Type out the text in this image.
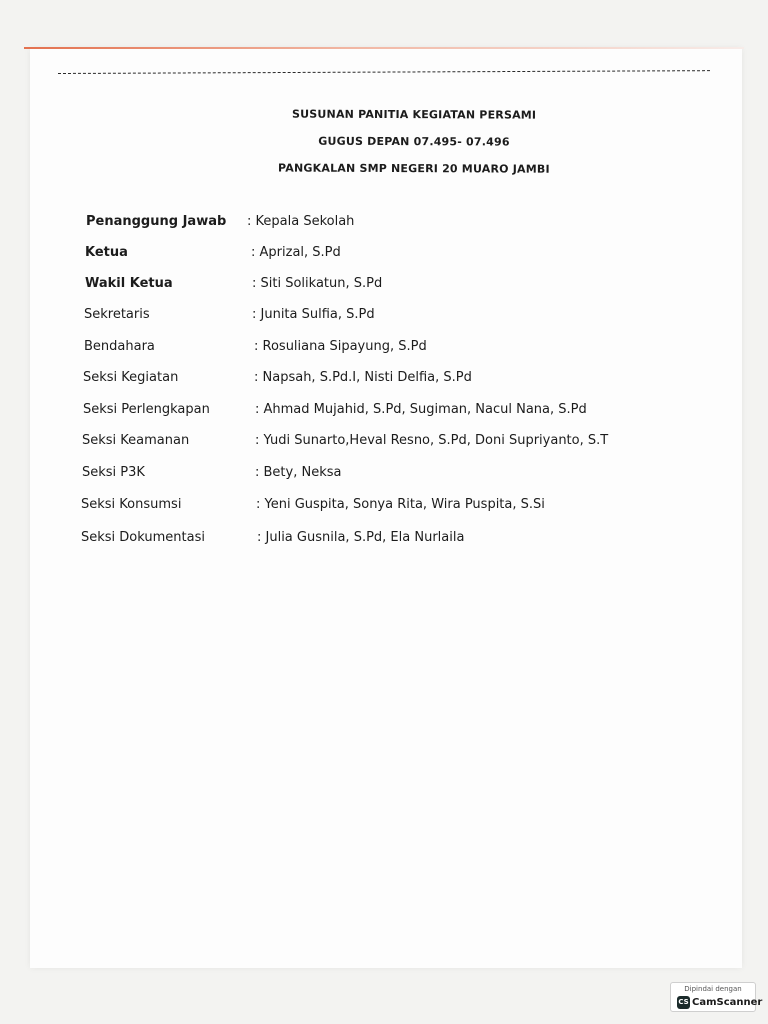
SUSUNAN PANITIA KEGIATAN PERSAMI
GUGUS DEPAN 07.495- 07.496
PANGKALAN SMP NEGERI 20 MUARO JAMBI
Penanggung Jawab : Kepala Sekolah
Ketua	: Aprizal, S.Pd
Wakil Ketua	: Siti Solikatun, S.Pd
Sekretaris	: Junita Sulfia, S.Pd
Bendahara	: Rosuliana Sipayung, S.Pd
Seksi Kegiatan	: Napsah, S.Pd.I, Nisti Delfia, S.Pd
Seksi Perlengkapan	: Ahmad Mujahid, S.Pd, Sugiman, Nacul Nana, S.Pd
Seksi Keamanan	: Yudi Sunarto,Heval Resno, S.Pd, Doni Supriyanto, S.T
Seksi P3K	: Bety, Neksa
Seksi Konsumsi	: Yeni Guspita, Sonya Rita, Wira Puspita, S.Si
Seksi Dokumentasi	: Julia Gusnila, S.Pd, Ela Nurlaila
Dipindai dengan
CS CamScanner
